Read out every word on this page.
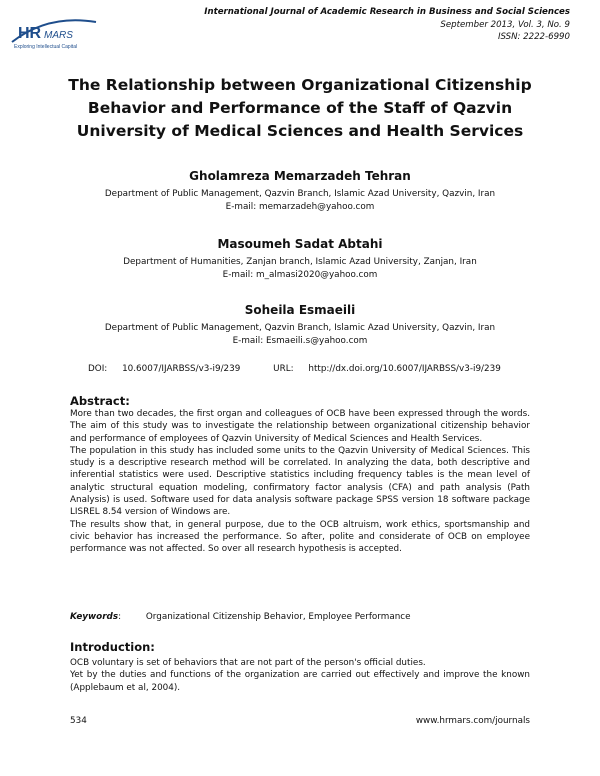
HR MARS
Exploring Intellectual Capital
International Journal of Academic Research in Business and Social Sciences
September 2013, Vol. 3, No. 9
ISSN: 2222-6990
The Relationship between Organizational Citizenship
Behavior and Performance of the Staff of Qazvin
University of Medical Sciences and Health Services
Gholamreza Memarzadeh Tehran
Department of Public Management, Qazvin Branch, Islamic Azad University, Qazvin, Iran
E-mail: memarzadeh@yahoo.com
Masoumeh Sadat Abtahi
Department of Humanities, Zanjan branch, Islamic Azad University, Zanjan, Iran
E-mail: m_almasi2020@yahoo.com
Soheila Esmaeili
Department of Public Management, Qazvin Branch, Islamic Azad University, Qazvin, Iran
E-mail: Esmaeili.s@yahoo.com
DOI: 10.6007/IJARBSS/v3-i9/239	URL: http://dx.doi.org/10.6007/IJARBSS/v3-i9/239
Abstract:

More than two decades, the first organ and colleagues of OCB have been expressed through the words. The aim of this study was to investigate the relationship between organizational citizenship behavior and performance of employees of Qazvin University of Medical Sciences and Health Services.

The population in this study has included some units to the Qazvin University of Medical Sciences. This study is a descriptive research method will be correlated. In analyzing the data, both descriptive and inferential statistics were used. Descriptive statistics including frequency tables is the mean level of analytic structural equation modeling, confirmatory factor analysis (CFA) and path analysis (Path Analysis) is used. Software used for data analysis software package SPSS version 18 software package LISREL 8.54 version of Windows are.

The results show that, in general purpose, due to the OCB altruism, work ethics, sportsmanship and civic behavior has increased the performance. So after, polite and considerate of OCB on employee performance was not affected. So over all research hypothesis is accepted.

Keywords:	Organizational Citizenship Behavior, Employee Performance
Introduction:

OCB voluntary is set of behaviors that are not part of the person's official duties.

Yet by the duties and functions of the organization are carried out effectively and improve the known (Applebaum et al, 2004).

534	www.hrmars.com/journals
